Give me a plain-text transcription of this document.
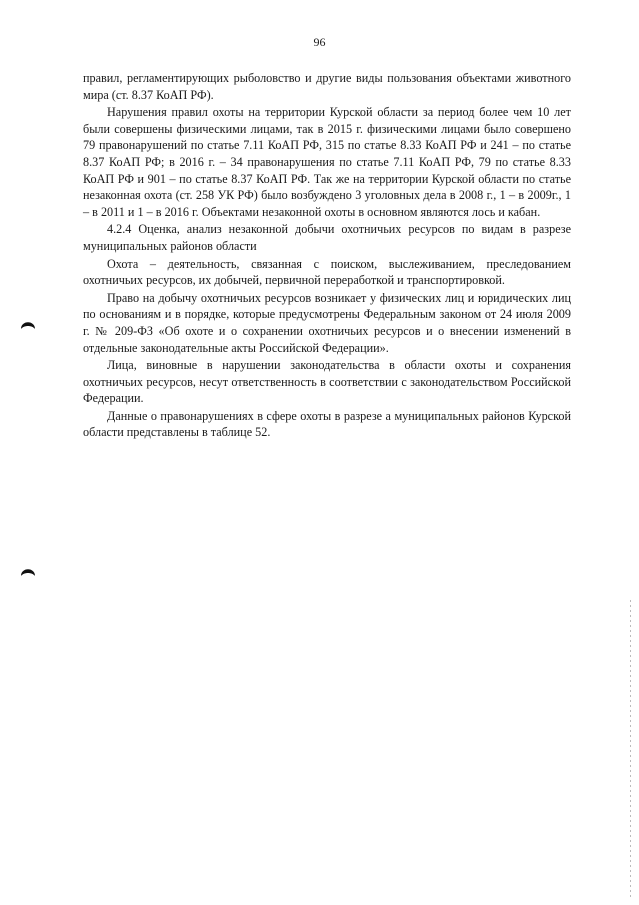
96

правил, регламентирующих рыболовство и другие виды пользования объектами животного мира (ст. 8.37 КоАП РФ).

Нарушения правил охоты на территории Курской области за период более чем 10 лет были совершены физическими лицами, так в 2015 г. физическими лицами было совершено 79 правонарушений по статье 7.11 КоАП РФ, 315 по статье 8.33 КоАП РФ и 241 – по статье 8.37 КоАП РФ; в 2016 г. – 34 правонарушения по статье 7.11 КоАП РФ, 79 по статье 8.33 КоАП РФ и 901 – по статье 8.37 КоАП РФ. Так же на территории Курской области по статье незаконная охота (ст. 258 УК РФ) было возбуждено 3 уголовных дела в 2008 г., 1 – в 2009г., 1 – в 2011 и 1 – в 2016 г. Объектами незаконной охоты в основном являются лось и кабан.

4.2.4 Оценка, анализ незаконной добычи охотничьих ресурсов по видам в разрезе муниципальных районов области

Охота – деятельность, связанная с поиском, выслеживанием, преследованием охотничьих ресурсов, их добычей, первичной переработкой и транспортировкой.

Право на добычу охотничьих ресурсов возникает у физических лиц и юридических лиц по основаниям и в порядке, которые предусмотрены Федеральным законом от 24 июля 2009 г. № 209-ФЗ «Об охоте и о сохранении охотничьих ресурсов и о внесении изменений в отдельные законодательные акты Российской Федерации».

Лица, виновные в нарушении законодательства в области охоты и сохранения охотничьих ресурсов, несут ответственность в соответствии с законодательством Российской Федерации.

Данные о правонарушениях в сфере охоты в разрезе а муниципальных районов Курской области представлены в таблице 52.
